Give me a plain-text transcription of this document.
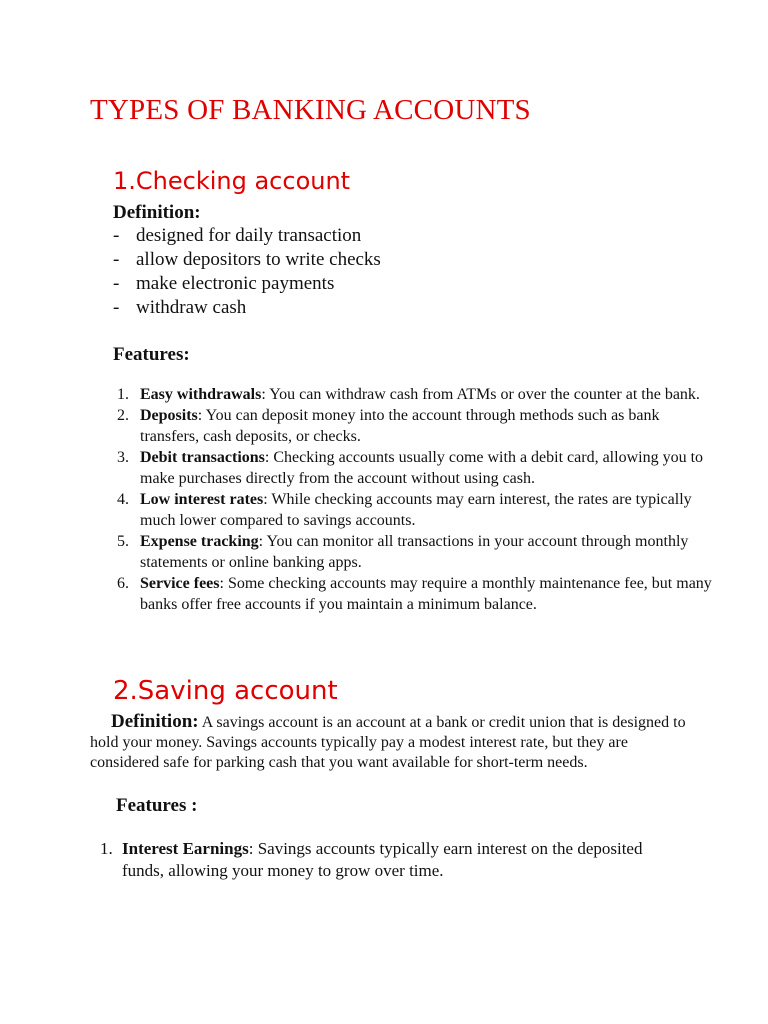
TYPES OF BANKING ACCOUNTS
1.Checking account
Definition:
- designed for daily transaction
- allow depositors to write checks
- make electronic payments
- withdraw cash
Features:
1. Easy withdrawals: You can withdraw cash from ATMs or over the counter at the bank.
2. Deposits: You can deposit money into the account through methods such as bank transfers, cash deposits, or checks.
3. Debit transactions: Checking accounts usually come with a debit card, allowing you to make purchases directly from the account without using cash.
4. Low interest rates: While checking accounts may earn interest, the rates are typically much lower compared to savings accounts.
5. Expense tracking: You can monitor all transactions in your account through monthly statements or online banking apps.
6. Service fees: Some checking accounts may require a monthly maintenance fee, but many banks offer free accounts if you maintain a minimum balance.
2.Saving account
Definition: A savings account is an account at a bank or credit union that is designed to hold your money. Savings accounts typically pay a modest interest rate, but they are considered safe for parking cash that you want available for short-term needs.
Features :
1. Interest Earnings: Savings accounts typically earn interest on the deposited funds, allowing your money to grow over time.
